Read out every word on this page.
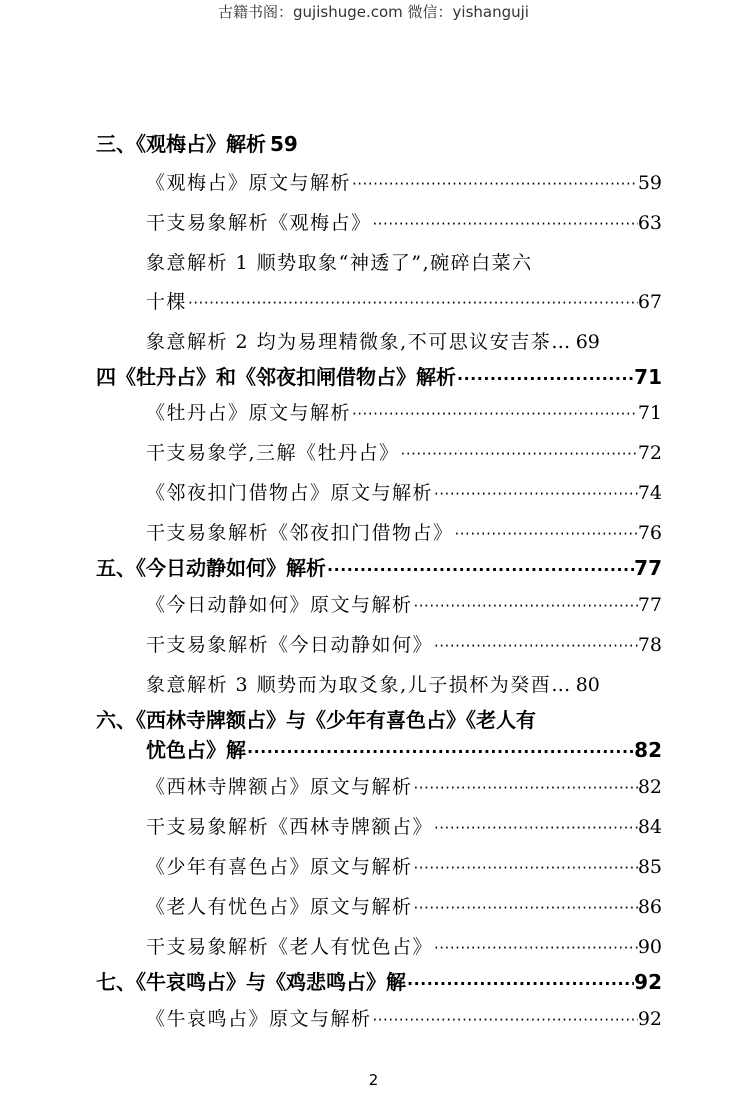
古籍书阁：gujishuge.com 微信：yishanguji
三、《观梅占》解析 59
《观梅占》原文与解析 ·····	59
干支易象解析《观梅占》 ·····	63
象意解析 1 顺势取象“神透了”,碗碎白菜六
十棵 ·····	67
象意解析 2 均为易理精微象,不可思议安吉茶… 69
四《牡丹占》和《邻夜扣闸借物占》解析 ·····	71
《牡丹占》原文与解析 ·····	71
干支易象学,三解《牡丹占》 ·····	72
《邻夜扣门借物占》原文与解析 ·····	74
干支易象解析《邻夜扣门借物占》 ·····	76
五、《今日动静如何》解析 ·····	77
《今日动静如何》原文与解析 ·····	77
干支易象解析《今日动静如何》 ·····	78
象意解析 3 顺势而为取爻象,儿子损杯为癸酉… 80
六、《西林寺牌额占》与《少年有喜色占》《老人有
忧色占》解 ·····	82
《西林寺牌额占》原文与解析 ·····	82
干支易象解析《西林寺牌额占》 ·····	84
《少年有喜色占》原文与解析 ·····	85
《老人有忧色占》原文与解析 ·····	86
干支易象解析《老人有忧色占》 ·····	90
七、《牛哀鸣占》与《鸡悲鸣占》解 ·····	92
《牛哀鸣占》原文与解析 ·····	92
2
